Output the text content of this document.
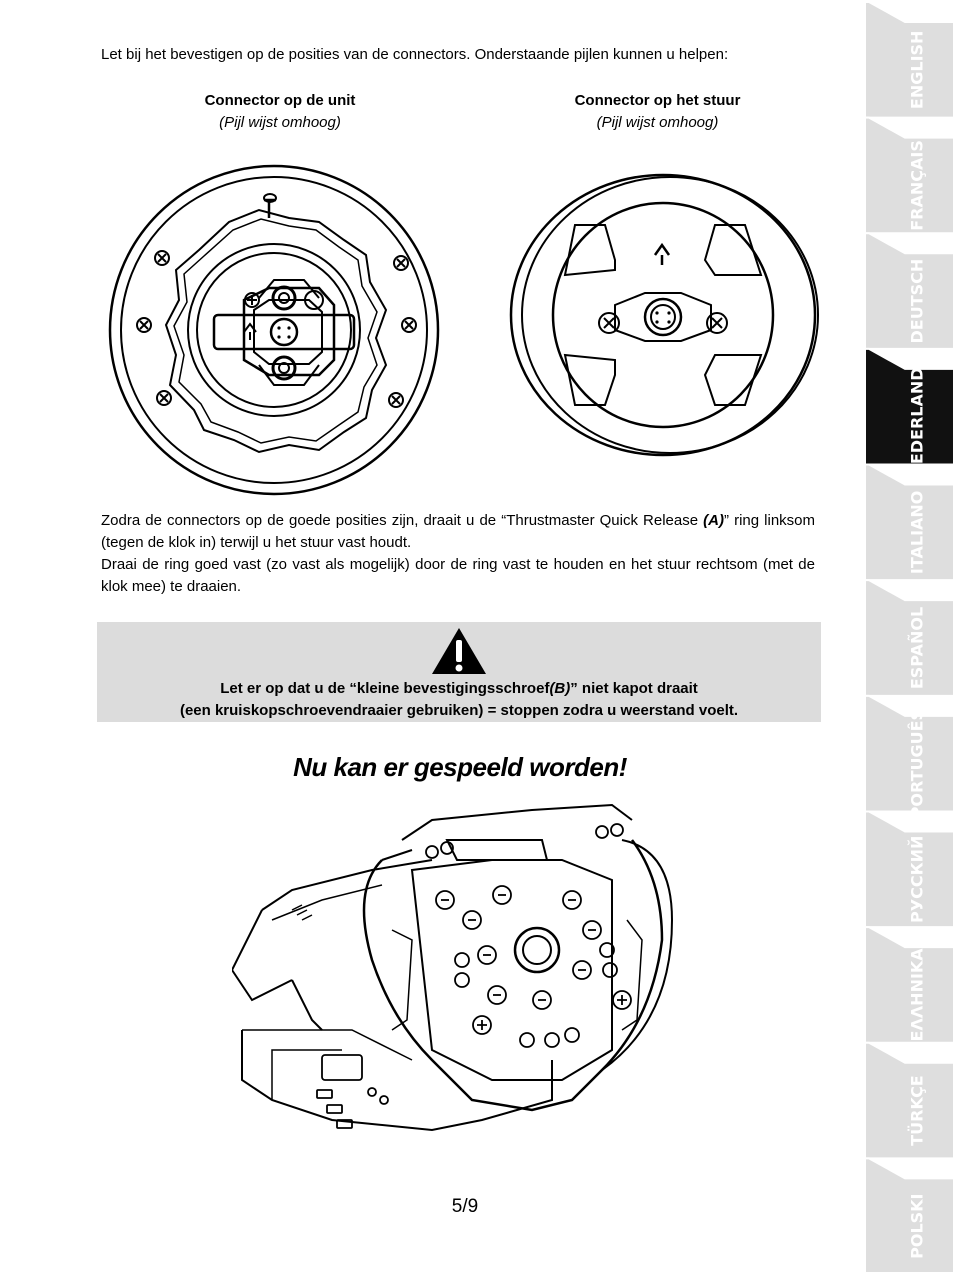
Let bij het bevestigen op de posities van de connectors. Onderstaande pijlen kunnen u helpen:
Connector op de unit
(Pijl wijst omhoog)
Connector op het stuur
(Pijl wijst omhoog)
Zodra de connectors op de goede posities zijn, draait u de “Thrustmaster Quick Release (A)” ring linksom (tegen de klok in) terwijl u het stuur vast houdt.
Draai de ring goed vast (zo vast als mogelijk) door de ring vast te houden en het stuur rechtsom (met de klok mee) te draaien.
Let er op dat u de “kleine bevestigingsschroef(B)” niet kapot draait
(een kruiskopschroevendraaier gebruiken) = stoppen zodra u weerstand voelt.
Nu kan er gespeeld worden!
5/9
ENGLISH
FRANÇAIS
DEUTSCH
NEDERLANDS
ITALIANO
ESPAÑOL
PORTUGUÊS
РУССКИЙ
ΕΛΛΗΝΙΚΑ
TÜRKÇE
POLSKI
